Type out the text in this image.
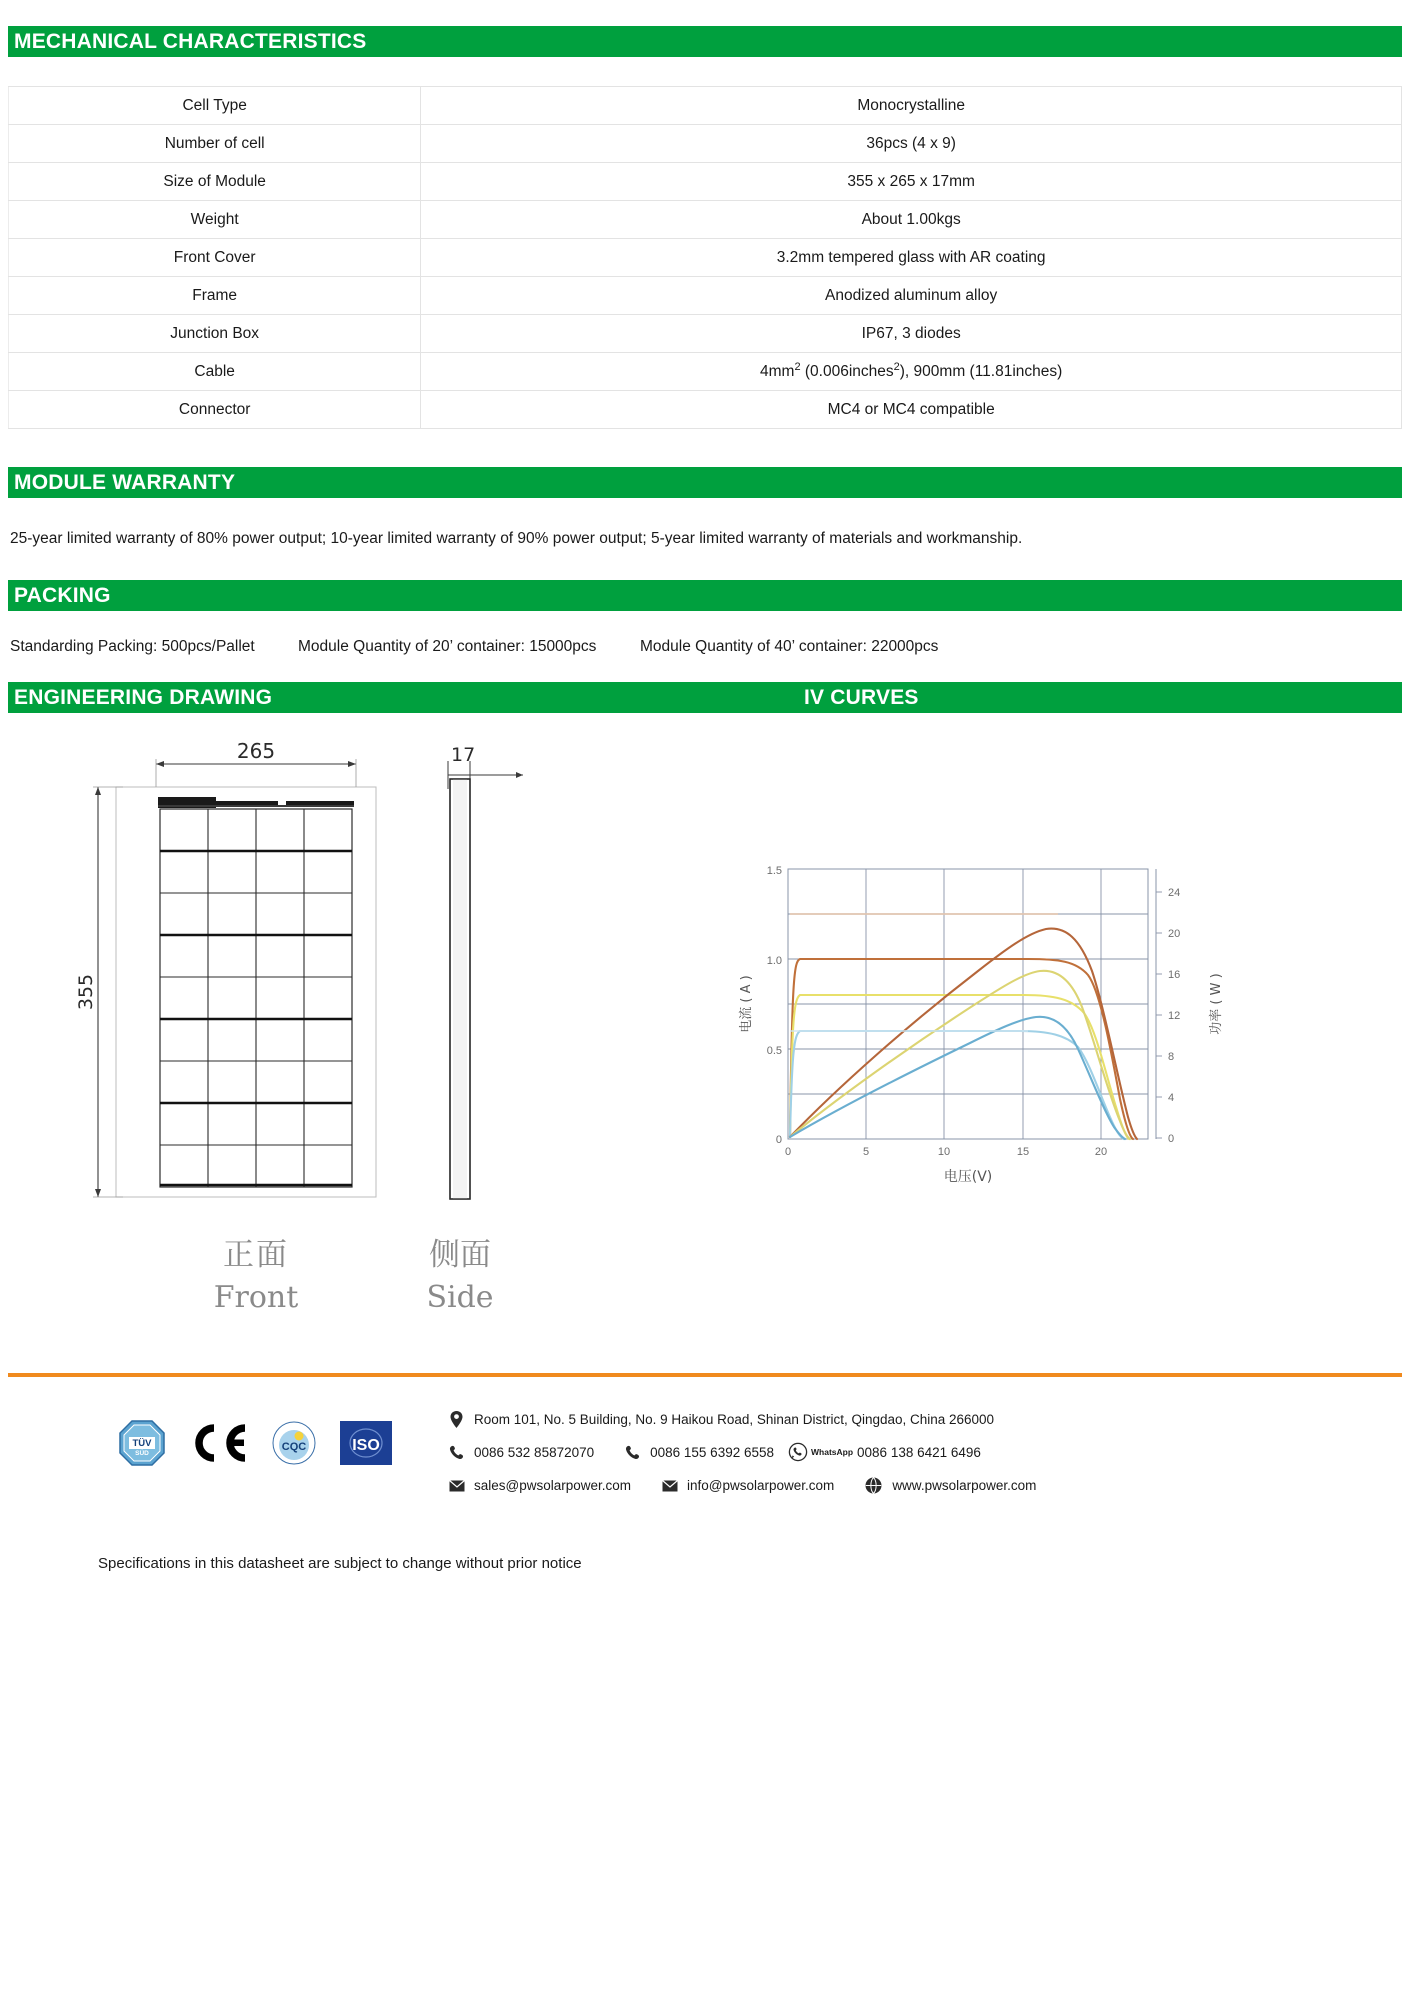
MECHANICAL CHARACTERISTICS
Cell Type	Monocrystalline
Number of cell	36pcs (4 x 9)
Size of Module	355 x 265 x 17mm
Weight	About 1.00kgs
Front Cover	3.2mm tempered glass with AR coating
Frame	Anodized aluminum alloy
Junction Box	IP67, 3 diodes
Cable	$4mm^2$ (0.006inches$^2$), 900mm (11.81inches)
Connector	MC4 or MC4 compatible
MODULE WARRANTY
25-year limited warranty of 80% power output; 10-year limited warranty of 90% power output; 5-year limited warranty of materials and workmanship.
PACKING
Standarding Packing: 500pcs/Pallet	Module Quantity of 20’ container: 15000pcs	Module Quantity of 40’ container: 22000pcs
ENGINEERING DRAWING	IV CURVES
265
355
17
正面
Front
侧面
Side
1.5
1.0
0.5
0
24
20
16
12
8
4
0
0	5	10	15	20
电压(V)
电流 ( A )	功率 ( W )
TÜV
SÜD
CQC	ISO
Room 101, No. 5 Building, No. 9 Haikou Road, Shinan District, Qingdao, China 266000
0086 532 85872070	0086 155 6392 6558	WhatsApp 0086 138 6421 6496
sales@pwsolarpower.com	info@pwsolarpower.com	www.pwsolarpower.com
Specifications in this datasheet are subject to change without prior notice
